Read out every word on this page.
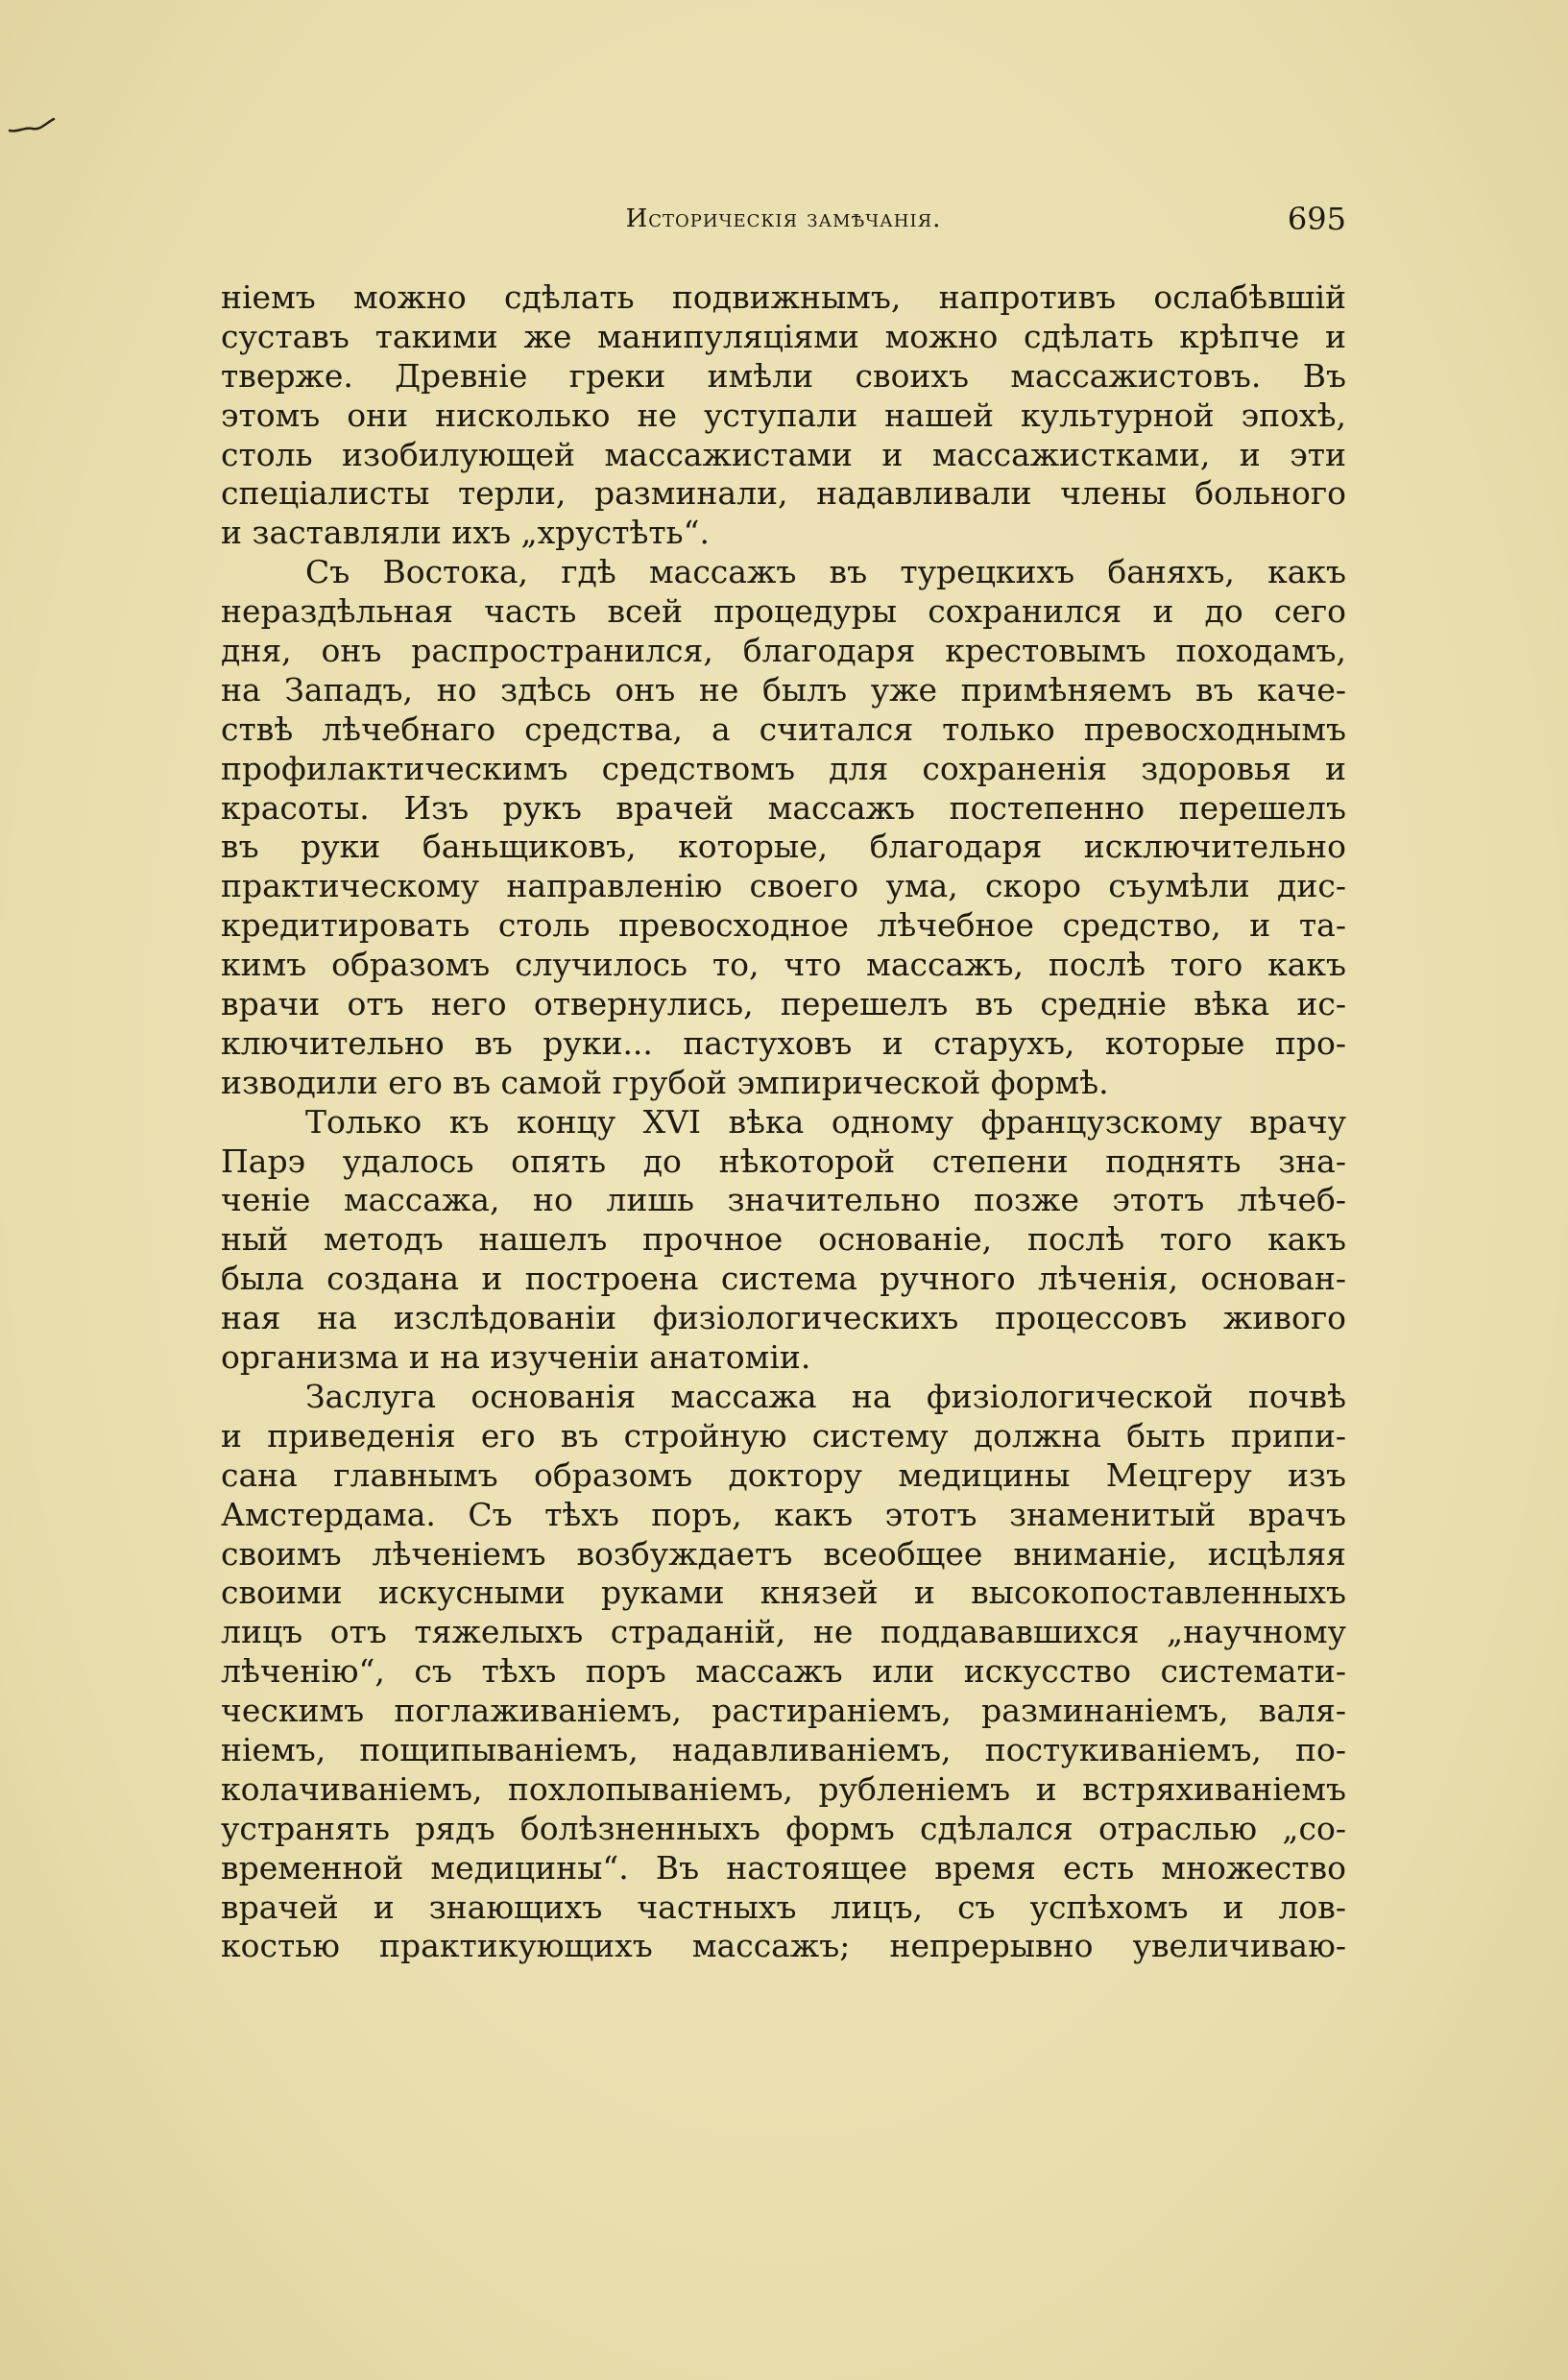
Историческія замѣчанія.	695
ніемъ можно сдѣлать подвижнымъ, напротивъ ослабѣвшій
суставъ такими же манипуляціями можно сдѣлать крѣпче и
тверже. Древніе греки имѣли своихъ массажистовъ. Въ
этомъ они нисколько не уступали нашей культурной эпохѣ,
столь изобилующей массажистами и массажистками, и эти
спеціалисты терли, разминали, надавливали члены больного
и заставляли ихъ „хрустѣть“.
Съ Востока, гдѣ массажъ въ турецкихъ баняхъ, какъ
нераздѣльная часть всей процедуры сохранился и до сего
дня, онъ распространился, благодаря крестовымъ походамъ,
на Западъ, но здѣсь онъ не былъ уже примѣняемъ въ каче-
ствѣ лѣчебнаго средства, а считался только превосходнымъ
профилактическимъ средствомъ для сохраненія здоровья и
красоты. Изъ рукъ врачей массажъ постепенно перешелъ
въ руки баньщиковъ, которые, благодаря исключительно
практическому направленію своего ума, скоро съумѣли дис-
кредитировать столь превосходное лѣчебное средство, и та-
кимъ образомъ случилось то, что массажъ, послѣ того какъ
врачи отъ него отвернулись, перешелъ въ средніе вѣка ис-
ключительно въ руки... пастуховъ и старухъ, которые про-
изводили его въ самой грубой эмпирической формѣ.
Только къ концу XVI вѣка одному французскому врачу
Парэ удалось опять до нѣкоторой степени поднять зна-
ченіе массажа, но лишь значительно позже этотъ лѣчеб-
ный методъ нашелъ прочное основаніе, послѣ того какъ
была создана и построена система ручного лѣченія, основан-
ная на изслѣдованіи физіологическихъ процессовъ живого
организма и на изученіи анатоміи.
Заслуга основанія массажа на физіологической почвѣ
и приведенія его въ стройную систему должна быть припи-
сана главнымъ образомъ доктору медицины Мецгеру изъ
Амстердама. Съ тѣхъ поръ, какъ этотъ знаменитый врачъ
своимъ лѣченіемъ возбуждаетъ всеобщее вниманіе, исцѣляя
своими искусными руками князей и высокопоставленныхъ
лицъ отъ тяжелыхъ страданій, не поддававшихся „научному
лѣченію“, съ тѣхъ поръ массажъ или искусство системати-
ческимъ поглаживаніемъ, растираніемъ, разминаніемъ, валя-
ніемъ, пощипываніемъ, надавливаніемъ, постукиваніемъ, по-
колачиваніемъ, похлопываніемъ, рубленіемъ и встряхиваніемъ
устранять рядъ болѣзненныхъ формъ сдѣлался отраслью „со-
временной медицины“. Въ настоящее время есть множество
врачей и знающихъ частныхъ лицъ, съ успѣхомъ и лов-
костью практикующихъ массажъ; непрерывно увеличиваю-
